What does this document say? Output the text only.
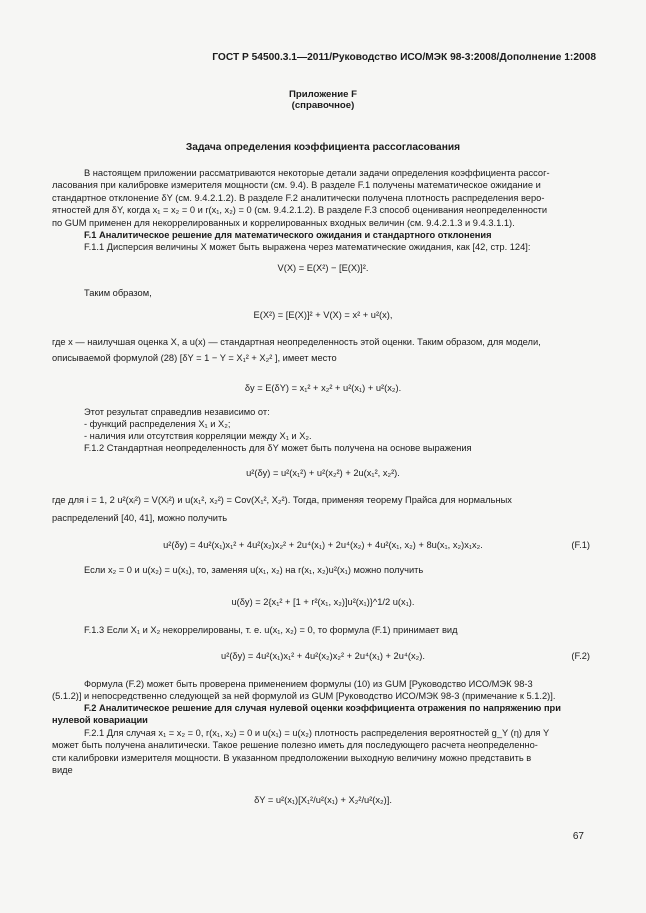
ГОСТ Р 54500.3.1—2011/Руководство ИСО/МЭК 98-3:2008/Дополнение 1:2008
Приложение F
(справочное)
Задача определения коэффициента рассогласования
В настоящем приложении рассматриваются некоторые детали задачи определения коэффициента рассог-
ласования при калибровке измерителя мощности (см. 9.4). В разделе F.1 получены математическое ожидание и
стандартное отклонение δY (см. 9.4.2.1.2). В разделе F.2 аналитически получена плотность распределения веро-
ятностей для δY, когда x₁ = x₂ = 0 и r(x₁, x₂) = 0 (см. 9.4.2.1.2). В разделе F.3 способ оценивания неопределенности
по GUM применен для некоррелированных и коррелированных входных величин (см. 9.4.2.1.3 и 9.4.3.1.1).
F.1 Аналитическое решение для математического ожидания и стандартного отклонения
F.1.1 Дисперсия величины X может быть выражена через математические ожидания, как [42, стр. 124]:
V(X) = E(X²) − [E(X)]².
Таким образом,
E(X²) = [E(X)]² + V(X) = x² + u²(x),
где x — наилучшая оценка X, а u(x) — стандартная неопределенность этой оценки. Таким образом, для модели,
описываемой формулой (28) [δY = 1 − Y = X₁² + X₂² ], имеет место
δy = E(δY) = x₁² + x₂² + u²(x₁) + u²(x₂).
Этот результат справедлив независимо от:
- функций распределения X₁ и X₂;
- наличия или отсутствия корреляции между X₁ и X₂.
F.1.2 Стандартная неопределенность для δY может быть получена на основе выражения
u²(δy) = u²(x₁²) + u²(x₂²) + 2u(x₁², x₂²).
где для i = 1, 2 u²(xᵢ²) = V(Xᵢ²) и u(x₁², x₂²) = Cov(X₁², X₂²). Тогда, применяя теорему Прайса для нормальных
распределений [40, 41], можно получить
u²(δy) = 4u²(x₁)x₁² + 4u²(x₂)x₂² + 2u⁴(x₁) + 2u⁴(x₂) + 4u²(x₁, x₂) + 8u(x₁, x₂)x₁x₂.	(F.1)
Если x₂ = 0 и u(x₂) = u(x₁), то, заменяя u(x₁, x₂) на r(x₁, x₂)u²(x₁) можно получить
u(δy) = 2{x₁² + [1 + r²(x₁, x₂)]u²(x₁)}^1/2 u(x₁).
F.1.3 Если X₁ и X₂ некоррелированы, т. е. u(x₁, x₂) = 0, то формула (F.1) принимает вид
u²(δy) = 4u²(x₁)x₁² + 4u²(x₂)x₂² + 2u⁴(x₁) + 2u⁴(x₂).	(F.2)
Формула (F.2) может быть проверена применением формулы (10) из GUM [Руководство ИСО/МЭК 98-3
(5.1.2)] и непосредственно следующей за ней формулой из GUM [Руководство ИСО/МЭК 98-3 (примечание к 5.1.2)].
F.2 Аналитическое решение для случая нулевой оценки коэффициента отражения по напряжению при
нулевой ковариации
F.2.1 Для случая x₁ = x₂ = 0, r(x₁, x₂) = 0 и u(x₁) = u(x₂) плотность распределения вероятностей g_Y (η) для Y
может быть получена аналитически. Такое решение полезно иметь для последующего расчета неопределенно-
сти калибровки измерителя мощности. В указанном предположении выходную величину можно представить в
виде
δY = u²(x₁)[X₁²/u²(x₁) + X₂²/u²(x₂)].
67
